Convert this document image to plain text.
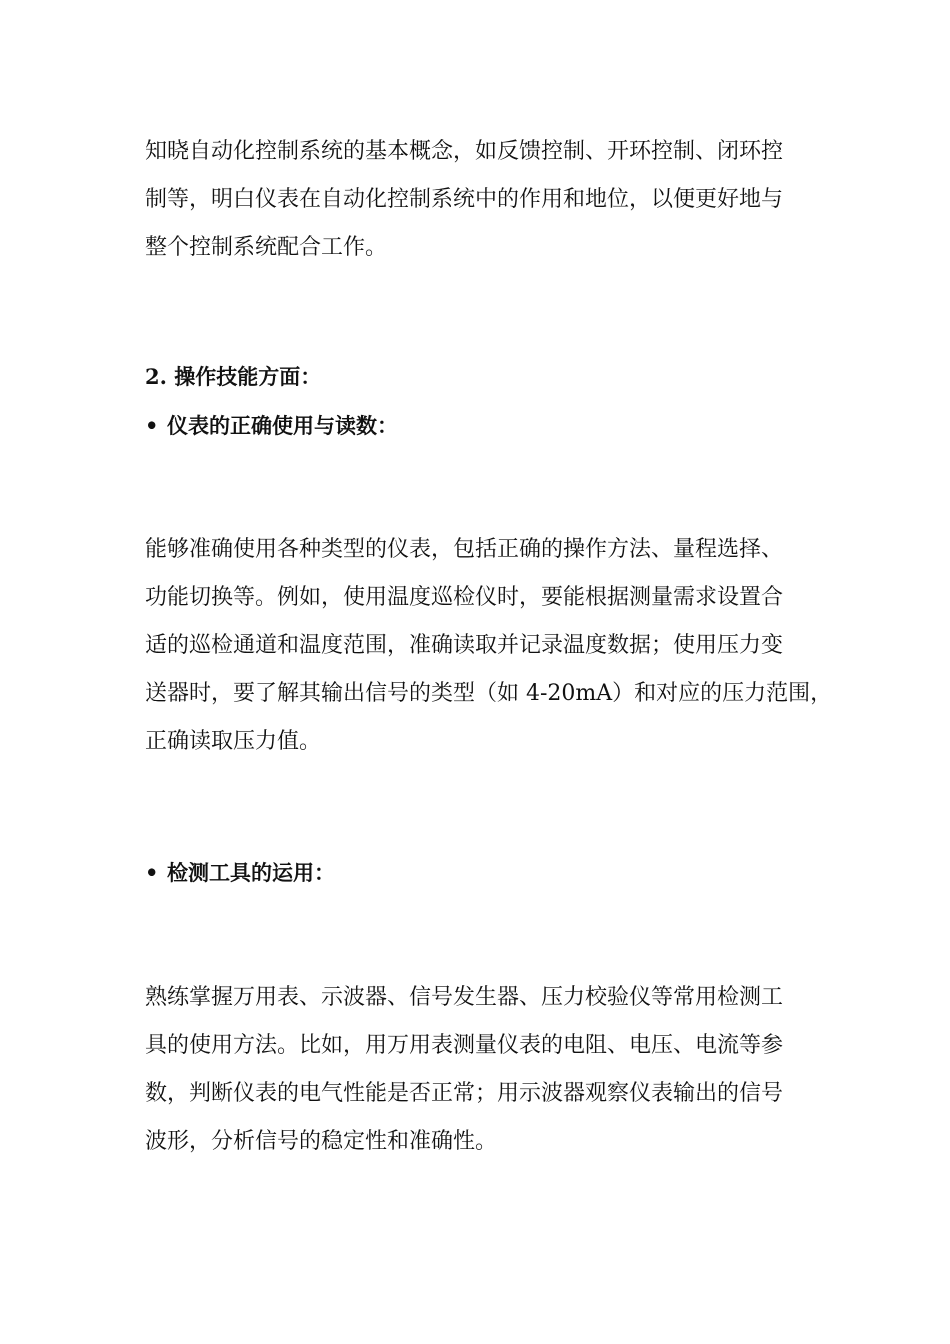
知晓自动化控制系统的基本概念，如反馈控制、开环控制、闭环控
制等，明白仪表在自动化控制系统中的作用和地位，以便更好地与
整个控制系统配合工作。
2. 操作技能方面：
• 仪表的正确使用与读数：
能够准确使用各种类型的仪表，包括正确的操作方法、量程选择、
功能切换等。例如，使用温度巡检仪时，要能根据测量需求设置合
适的巡检通道和温度范围，准确读取并记录温度数据；使用压力变
送器时，要了解其输出信号的类型（如 4-20mA）和对应的压力范围，
正确读取压力值。
• 检测工具的运用：
熟练掌握万用表、示波器、信号发生器、压力校验仪等常用检测工
具的使用方法。比如，用万用表测量仪表的电阻、电压、电流等参
数，判断仪表的电气性能是否正常；用示波器观察仪表输出的信号
波形，分析信号的稳定性和准确性。
